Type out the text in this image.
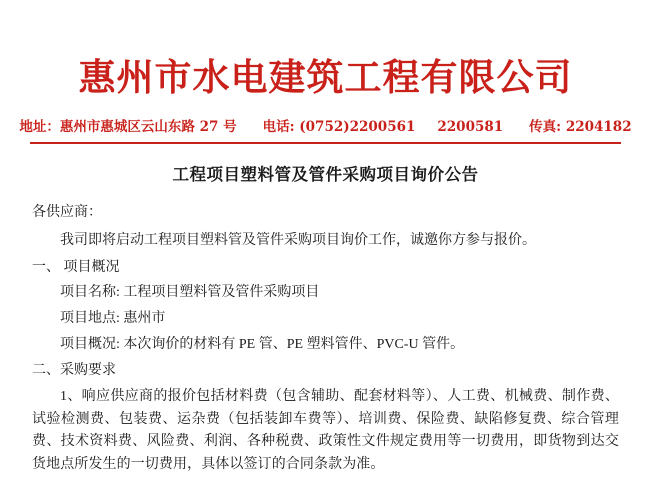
惠州市水电建筑工程有限公司
地址：惠州市惠城区云山东路 27 号 电话: (0752)2200561 2200581 传真: 2204182
工程项目塑料管及管件采购项目询价公告
各供应商：
我司即将启动工程项目塑料管及管件采购项目询价工作，诚邀你方参与报价。
一、 项目概况
项目名称: 工程项目塑料管及管件采购项目
项目地点: 惠州市
项目概况: 本次询价的材料有 PE 管、PE 塑料管件、PVC-U 管件。
二、采购要求
1、响应供应商的报价包括材料费（包含辅助、配套材料等）、人工费、机械费、制作费、试验检测费、包装费、运杂费（包括装卸车费等）、培训费、保险费、缺陷修复费、综合管理费、技术资料费、风险费、利润、各种税费、政策性文件规定费用等一切费用，即货物到达交货地点所发生的一切费用，具体以签订的合同条款为准。
